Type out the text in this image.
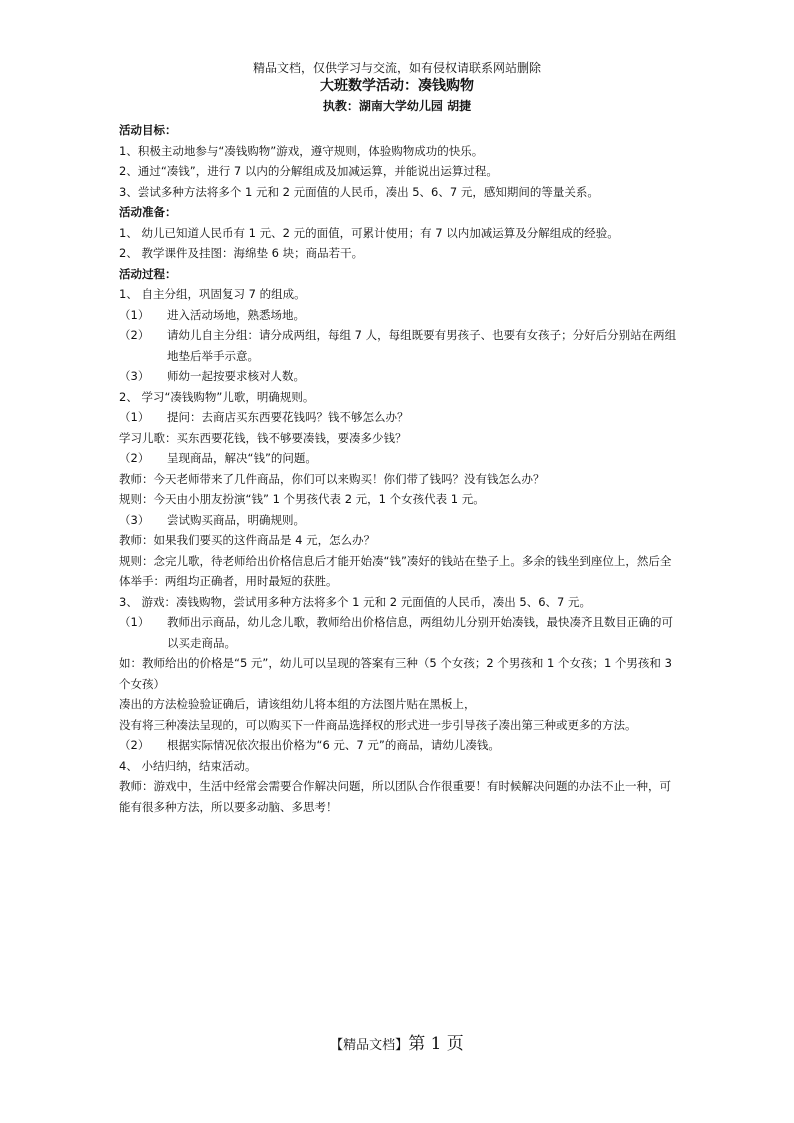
精品文档，仅供学习与交流，如有侵权请联系网站删除
大班数学活动：凑钱购物
执教：湖南大学幼儿园 胡捷
活动目标：
1、积极主动地参与“凑钱购物”游戏，遵守规则，体验购物成功的快乐。
2、通过“凑钱”，进行 7 以内的分解组成及加减运算，并能说出运算过程。
3、尝试多种方法将多个 1 元和 2 元面值的人民币，凑出 5、6、7 元，感知期间的等量关系。
活动准备：
1、 幼儿已知道人民币有 1 元、2 元的面值，可累计使用；有 7 以内加减运算及分解组成的经验。
2、 教学课件及挂图：海绵垫 6 块；商品若干。
活动过程：
1、 自主分组，巩固复习 7 的组成。
（1）	进入活动场地，熟悉场地。
（2）	请幼儿自主分组：请分成两组，每组 7 人，每组既要有男孩子、也要有女孩子；分好后分别站在两组地垫后举手示意。
（3）	师幼一起按要求核对人数。
2、 学习“凑钱购物”儿歌，明确规则。
（1）	提问：去商店买东西要花钱吗？钱不够怎么办？
学习儿歌：买东西要花钱，钱不够要凑钱，要凑多少钱？
（2）	呈现商品，解决“钱”的问题。
教师：今天老师带来了几件商品，你们可以来购买！你们带了钱吗？没有钱怎么办？
规则：今天由小朋友扮演“钱” 1 个男孩代表 2 元，1 个女孩代表 1 元。
（3）	尝试购买商品，明确规则。
教师：如果我们要买的这件商品是 4 元，怎么办？
规则：念完儿歌，待老师给出价格信息后才能开始凑“钱”凑好的钱站在垫子上。多余的钱坐到座位上，然后全体举手：两组均正确者，用时最短的获胜。
3、 游戏：凑钱购物，尝试用多种方法将多个 1 元和 2 元面值的人民币，凑出 5、6、7 元。
（1）	教师出示商品，幼儿念儿歌，教师给出价格信息，两组幼儿分别开始凑钱，最快凑齐且数目正确的可以买走商品。
如：教师给出的价格是“5 元”，幼儿可以呈现的答案有三种（5 个女孩；2 个男孩和 1 个女孩；1 个男孩和 3 个女孩）
凑出的方法检验验证确后，请该组幼儿将本组的方法图片贴在黑板上，
没有将三种凑法呈现的，可以购买下一件商品选择权的形式进一步引导孩子凑出第三种或更多的方法。
（2）	根据实际情况依次报出价格为“6 元、7 元”的商品，请幼儿凑钱。
4、 小结归纳，结束活动。
教师：游戏中，生活中经常会需要合作解决问题，所以团队合作很重要！有时候解决问题的办法不止一种，可能有很多种方法，所以要多动脑、多思考！
【精品文档】第 1 页
